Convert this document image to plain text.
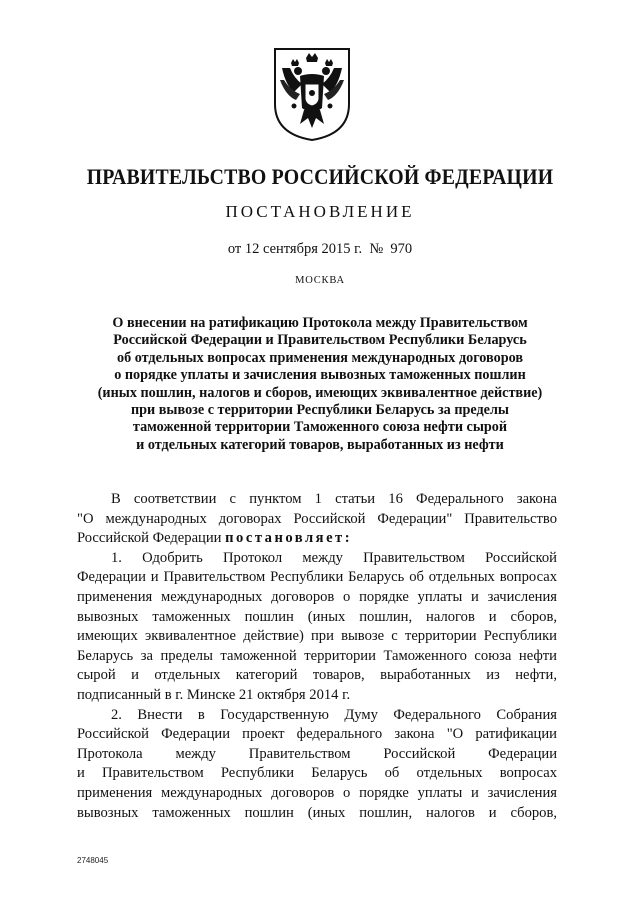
ПРАВИТЕЛЬСТВО РОССИЙСКОЙ ФЕДЕРАЦИИ
ПОСТАНОВЛЕНИЕ
от 12 сентября 2015 г.  №  970
МОСКВА
О внесении на ратификацию Протокола между Правительством
Российской Федерации и Правительством Республики Беларусь
об отдельных вопросах применения международных договоров
о порядке уплаты и зачисления вывозных таможенных пошлин
(иных пошлин, налогов и сборов, имеющих эквивалентное действие)
при вывозе с территории Республики Беларусь за пределы
таможенной территории Таможенного союза нефти сырой
и отдельных категорий товаров, выработанных из нефти
В соответствии с пунктом 1 статьи 16 Федерального закона
"О международных договорах Российской Федерации" Правительство
Российской Федерации постановляет:
1. Одобрить Протокол между Правительством Российской
Федерации и Правительством Республики Беларусь об отдельных вопросах
применения международных договоров о порядке уплаты и зачисления
вывозных таможенных пошлин (иных пошлин, налогов и сборов,
имеющих эквивалентное действие) при вывозе с территории Республики
Беларусь за пределы таможенной территории Таможенного союза нефти
сырой и отдельных категорий товаров, выработанных из нефти,
подписанный в г. Минске 21 октября 2014 г.
2. Внести в Государственную Думу Федерального Собрания
Российской Федерации проект федерального закона "О ратификации
Протокола между Правительством Российской Федерации
и Правительством Республики Беларусь об отдельных вопросах
применения международных договоров о порядке уплаты и зачисления
вывозных таможенных пошлин (иных пошлин, налогов и сборов,
2748045
